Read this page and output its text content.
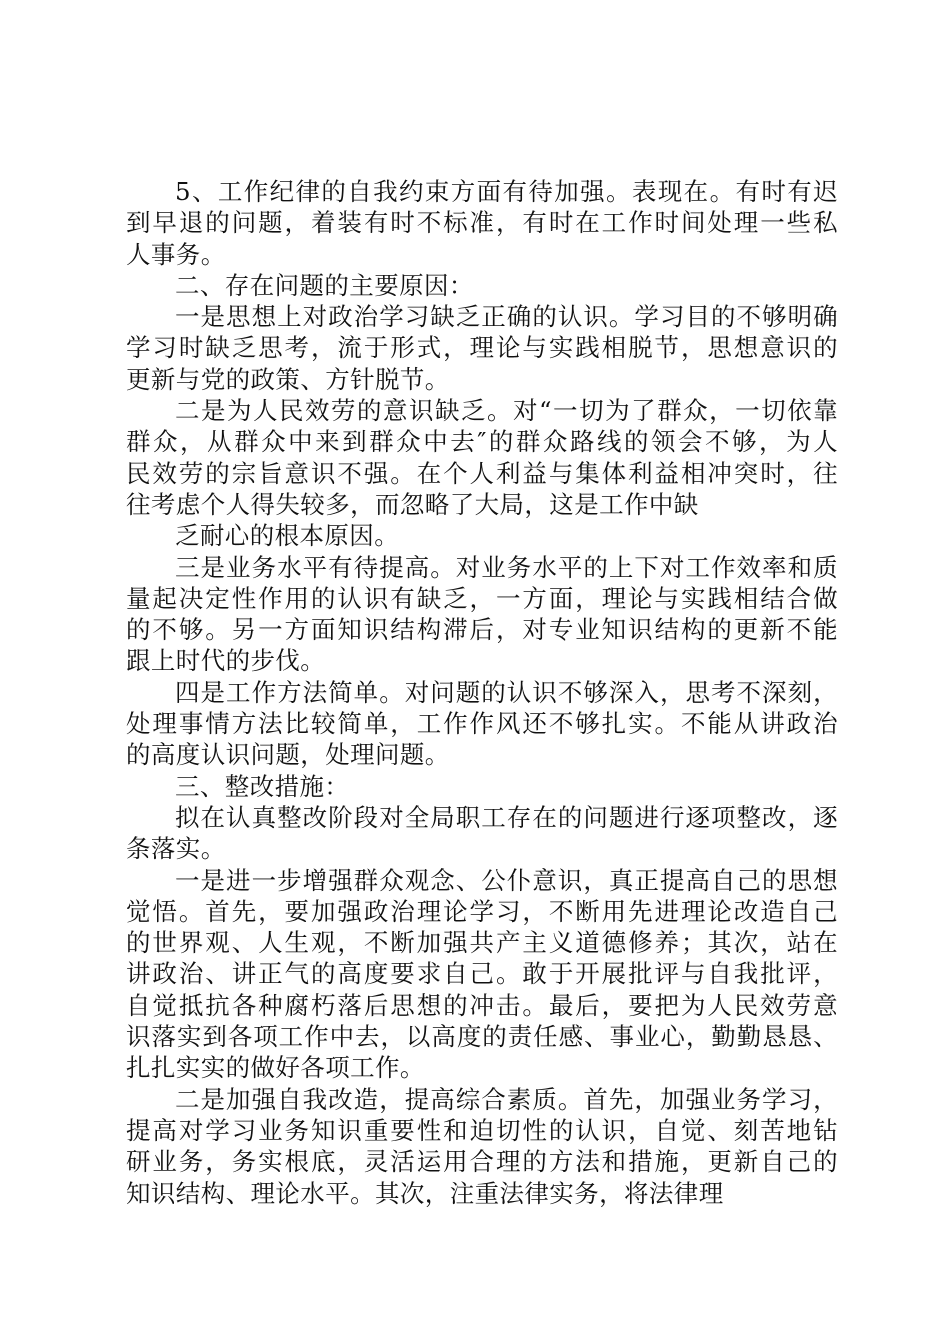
5、工作纪律的自我约束方面有待加强。表现在。有时有迟
到早退的问题，着装有时不标准，有时在工作时间处理一些私
人事务。
二、存在问题的主要原因：
一是思想上对政治学习缺乏正确的认识。学习目的不够明确
学习时缺乏思考，流于形式，理论与实践相脱节，思想意识的
更新与党的政策、方针脱节。
二是为人民效劳的意识缺乏。对“一切为了群众，一切依靠
群众，从群众中来到群众中去″的群众路线的领会不够，为人
民效劳的宗旨意识不强。在个人利益与集体利益相冲突时，往
往考虑个人得失较多，而忽略了大局，这是工作中缺
乏耐心的根本原因。
三是业务水平有待提高。对业务水平的上下对工作效率和质
量起决定性作用的认识有缺乏，一方面，理论与实践相结合做
的不够。另一方面知识结构滞后，对专业知识结构的更新不能
跟上时代的步伐。
四是工作方法简单。对问题的认识不够深入，思考不深刻，
处理事情方法比较简单，工作作风还不够扎实。不能从讲政治
的高度认识问题，处理问题。
三、整改措施：
拟在认真整改阶段对全局职工存在的问题进行逐项整改，逐
条落实。
一是进一步增强群众观念、公仆意识，真正提高自己的思想
觉悟。首先，要加强政治理论学习，不断用先进理论改造自己
的世界观、人生观，不断加强共产主义道德修养；其次，站在
讲政治、讲正气的高度要求自己。敢于开展批评与自我批评，
自觉抵抗各种腐朽落后思想的冲击。最后，要把为人民效劳意
识落实到各项工作中去，以高度的责任感、事业心，勤勤恳恳、
扎扎实实的做好各项工作。
二是加强自我改造，提高综合素质。首先，加强业务学习，
提高对学习业务知识重要性和迫切性的认识，自觉、刻苦地钻
研业务，务实根底，灵活运用合理的方法和措施，更新自己的
知识结构、理论水平。其次，注重法律实务，将法律理
